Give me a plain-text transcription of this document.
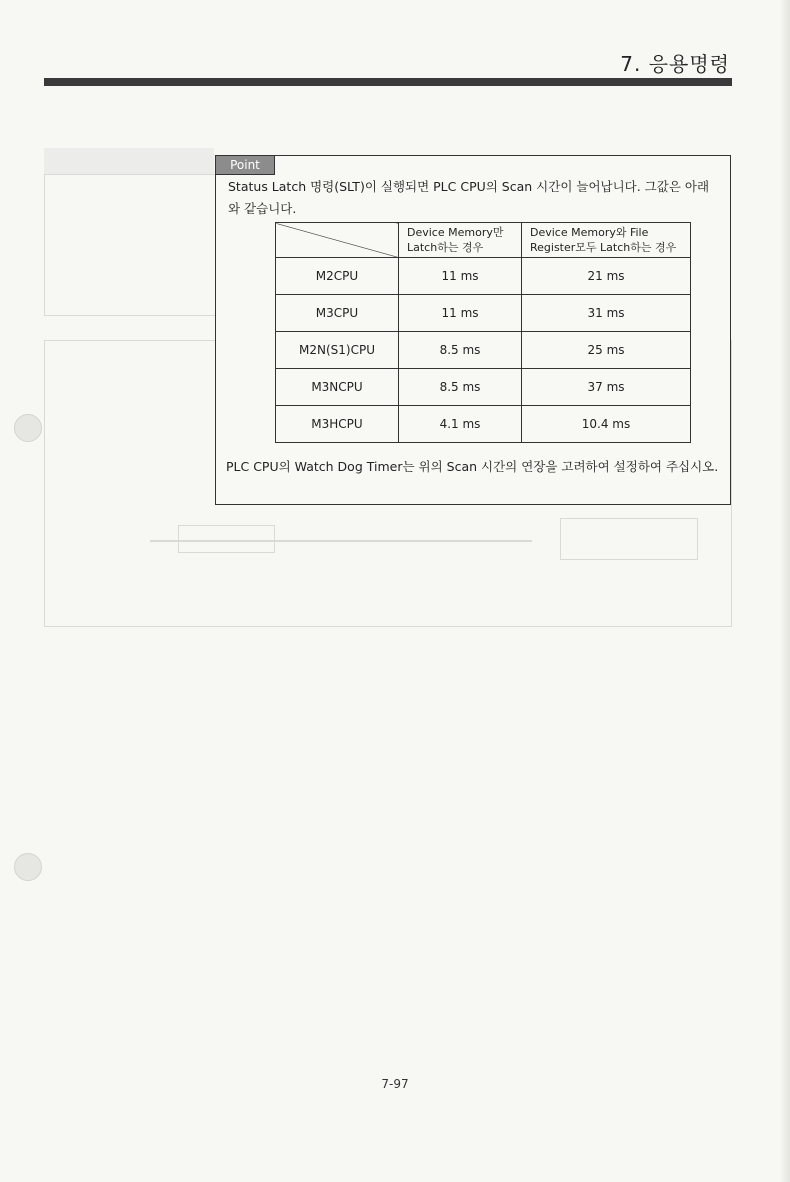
7. 응용명령
Point
Status Latch 명령(SLT)이 실행되면 PLC CPU의 Scan 시간이 늘어납니다. 그값은 아래와 같습니다.
	Device Memory만 Latch하는 경우	Device Memory와 File Register모두 Latch하는 경우
M2CPU	11 ms	21 ms
M3CPU	11 ms	31 ms
M2N(S1)CPU	8.5 ms	25 ms
M3NCPU	8.5 ms	37 ms
M3HCPU	4.1 ms	10.4 ms
PLC CPU의 Watch Dog Timer는 위의 Scan 시간의 연장을 고려하여 설정하여 주십시오.
7-97
